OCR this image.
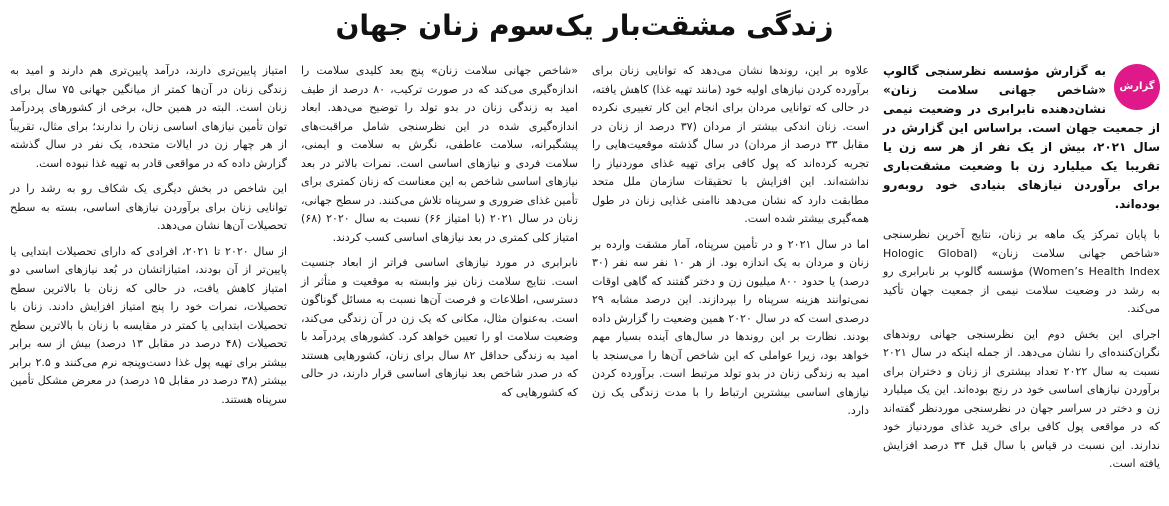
زندگی مشقت‌بار یک‌سوم زنان جهان
گزارش

به گزارش مؤسسه نظرسنجی گالوپ «شاخص جهانی سلامت زنان» نشان‌دهنده نابرابری در وضعیت نیمی از جمعیت جهان است. براساس این گزارش در سال ۲۰۲۱، بیش از یک نفر از هر سه زن یا تقریبا یک میلیارد زن با وضعیت مشقت‌باری برای برآوردن نیازهای بنیادی خود روبه‌رو بوده‌اند.

با پایان تمرکز یک ماهه بر زنان، نتایج آخرین نظرسنجی «شاخص جهانی سلامت زنان» (Hologic Global Women’s Health Index) مؤسسه گالوپ بر نابرابری رو به رشد در وضعیت سلامت نیمی از جمعیت جهان تأکید می‌کند.

اجرای این بخش دوم این نظرسنجی جهانی روندهای نگران‌کننده‌ای را نشان می‌دهد. از جمله اینکه در سال ۲۰۲۱ نسبت به سال ۲۰۲۲ تعداد بیشتری از زنان و دختران برای برآوردن نیازهای اساسی خود در رنج بوده‌اند. این یک میلیارد زن و دختر در سراسر جهان در نظرسنجی موردنظر گفته‌اند که در مواقعی پول کافی برای خرید غذای موردنیاز خود ندارند. این نسبت در قیاس با سال قبل ۳۴ درصد افزایش یافته است.

علاوه بر این، روندها نشان می‌دهد که توانایی زنان برای برآورده کردن نیازهای اولیه خود (مانند تهیه غذا) کاهش یافته، در حالی که توانایی مردان برای انجام این کار تغییری نکرده است. زنان اندکی بیشتر از مردان (۳۷ درصد از زنان در مقابل ۳۳ درصد از مردان) در سال گذشته موقعیت‌هایی را تجربه کرده‌اند که پول کافی برای تهیه غذای موردنیاز را نداشته‌اند. این افزایش با تحقیقات سازمان ملل متحد مطابقت دارد که نشان می‌دهد ناامنی غذایی زنان در طول همه‌گیری بیشتر شده است.

اما در سال ۲۰۲۱ و در تأمین سرپناه، آمار مشقت وارده بر زنان و مردان به یک اندازه بود. از هر ۱۰ نفر سه نفر (۳۰ درصد) یا حدود ۸۰۰ میلیون زن و دختر گفتند که گاهی اوقات نمی‌توانند هزینه سرپناه را بپردازند. این درصد مشابه ۲۹ درصدی است که در سال ۲۰۲۰ همین وضعیت را گزارش داده بودند. نظارت بر این روندها در سال‌های آینده بسیار مهم خواهد بود، زیرا عواملی که این شاخص آن‌ها را می‌سنجد با امید به زندگی زنان در بدو تولد مرتبط است. برآورده کردن نیازهای اساسی بیشترین ارتباط را با مدت زندگی یک زن دارد.

«شاخص جهانی سلامت زنان» پنج بعد کلیدی سلامت را اندازه‌گیری می‌کند که در صورت ترکیب، ۸۰ درصد از طیف امید به زندگی زنان در بدو تولد را توضیح می‌دهد. ابعاد اندازه‌گیری شده در این نظرسنجی شامل مراقبت‌های پیشگیرانه، سلامت عاطفی، نگرش به سلامت و ایمنی، سلامت فردی و نیازهای اساسی است. نمرات بالاتر در بعد نیازهای اساسی شاخص به این معناست که زنان کمتری برای تأمین غذای ضروری و سرپناه تلاش می‌کنند. در سطح جهانی، زنان در سال ۲۰۲۱ (با امتیاز ۶۶) نسبت به سال ۲۰۲۰ (۶۸) امتیاز کلی کمتری در بعد نیازهای اساسی کسب کردند.

نابرابری در مورد نیازهای اساسی فراتر از ابعاد جنسیت است. نتایج سلامت زنان نیز وابسته به موقعیت و متأثر از دسترسی، اطلاعات و فرصت آن‌ها نسبت به مسائل گوناگون است. به‌عنوان مثال، مکانی که یک زن در آن زندگی می‌کند، وضعیت سلامت او را تعیین خواهد کرد. کشورهای پردرآمد با امید به زندگی حداقل ۸۲ سال برای زنان، کشورهایی هستند که در صدر شاخص بعد نیازهای اساسی قرار دارند، در حالی که کشورهایی که

امتیاز پایین‌تری دارند، درآمد پایین‌تری هم دارند و امید به زندگی زنان در آن‌ها کمتر از میانگین جهانی ۷۵ سال برای زنان است. البته در همین حال، برخی از کشورهای پردرآمد توان تأمین نیازهای اساسی زنان را ندارند؛ برای مثال، تقریباً از هر چهار زن در ایالات متحده، یک نفر در سال گذشته گزارش داده که در مواقعی قادر به تهیه غذا نبوده است.

این شاخص در بخش دیگری یک شکاف رو به رشد را در توانایی زنان برای برآوردن نیازهای اساسی، بسته به سطح تحصیلات آن‌ها نشان می‌دهد.

از سال ۲۰۲۰ تا ۲۰۲۱، افرادی که دارای تحصیلات ابتدایی یا پایین‌تر از آن بودند، امتیازاتشان در بُعد نیازهای اساسی دو امتیاز کاهش یافت، در حالی که زنان با بالاترین سطح تحصیلات، نمرات خود را پنج امتیاز افزایش دادند. زنان با تحصیلات ابتدایی یا کمتر در مقایسه با زنان با بالاترین سطح تحصیلات (۴۸ درصد در مقابل ۱۳ درصد) بیش از سه برابر بیشتر برای تهیه پول غذا دست‌وپنجه نرم می‌کنند و ۲.۵ برابر بیشتر (۳۸ درصد در مقابل ۱۵ درصد) در معرض مشکل تأمین سرپناه هستند.
